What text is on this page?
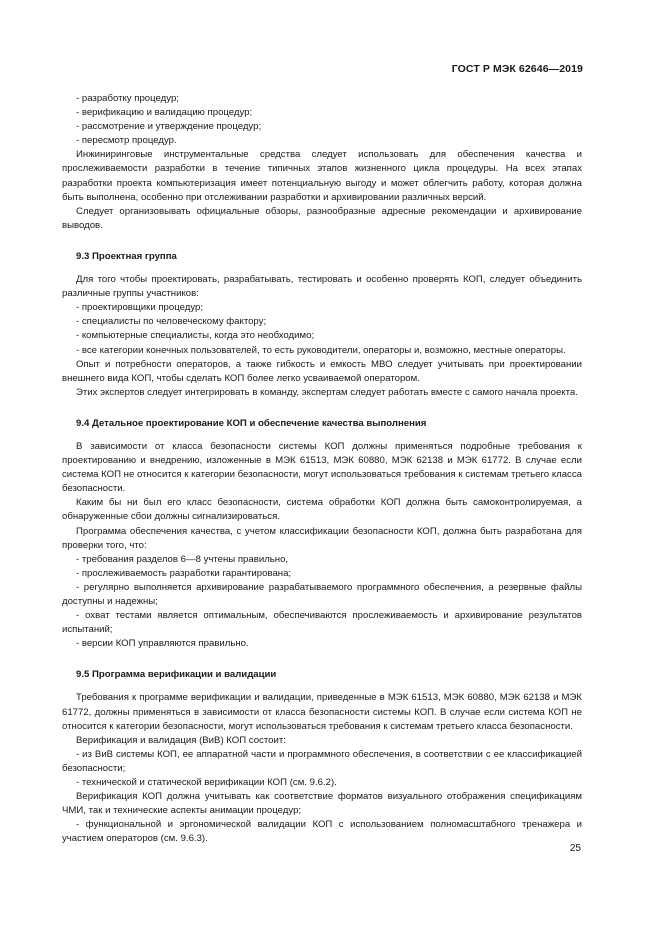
ГОСТ Р МЭК 62646—2019

- разработку процедур;

- верификацию и валидацию процедур;

- рассмотрение и утверждение процедур;

- пересмотр процедур.

Инжиниринговые инструментальные средства следует использовать для обеспечения качества и прослеживаемости разработки в течение типичных этапов жизненного цикла процедуры. На всех этапах разработки проекта компьютеризация имеет потенциальную выгоду и может облегчить работу, которая должна быть выполнена, особенно при отслеживании разработки и архивировании различных версий.

Следует организовывать официальные обзоры, разнообразные адресные рекомендации и архивирование выводов.

9.3 Проектная группа

Для того чтобы проектировать, разрабатывать, тестировать и особенно проверять КОП, следует объединить различные группы участников:

- проектировщики процедур;

- специалисты по человеческому фактору;

- компьютерные специалисты, когда это необходимо;

- все категории конечных пользователей, то есть руководители, операторы и, возможно, местные операторы.

Опыт и потребности операторов, а также гибкость и емкость МВО следует учитывать при проектировании внешнего вида КОП, чтобы сделать КОП более легко усваиваемой оператором.

Этих экспертов следует интегрировать в команду, экспертам следует работать вместе с самого начала проекта.

9.4 Детальное проектирование КОП и обеспечение качества выполнения

В зависимости от класса безопасности системы КОП должны применяться подробные требования к проектированию и внедрению, изложенные в МЭК 61513, МЭК 60880, МЭК 62138 и МЭК 61772. В случае если система КОП не относится к категории безопасности, могут использоваться требования к системам третьего класса безопасности.

Каким бы ни был его класс безопасности, система обработки КОП должна быть самоконтролируемая, а обнаруженные сбои должны сигнализироваться.

Программа обеспечения качества, с учетом классификации безопасности КОП, должна быть разработана для проверки того, что:

- требования разделов 6—8 учтены правильно,

- прослеживаемость разработки гарантирована;

- регулярно выполняется архивирование разрабатываемого программного обеспечения, а резервные файлы доступны и надежны;

- охват тестами является оптимальным, обеспечиваются прослеживаемость и архивирование результатов испытаний;

- версии КОП управляются правильно.

9.5 Программа верификации и валидации

Требования к программе верификации и валидации, приведенные в МЭК 61513, МЭК 60880, МЭК 62138 и МЭК 61772, должны применяться в зависимости от класса безопасности системы КОП. В случае если система КОП не относится к категории безопасности, могут использоваться требования к системам третьего класса безопасности.

Верификация и валидация (ВиВ) КОП состоит:

- из ВиВ системы КОП, ее аппаратной части и программного обеспечения, в соответствии с ее классификацией безопасности;

- технической и статической верификации КОП (см. 9.6.2).

Верификация КОП должна учитывать как соответствие форматов визуального отображения спецификациям ЧМИ, так и технические аспекты анимации процедур;

- функциональной и эргономической валидации КОП с использованием полномасштабного тренажера и участием операторов (см. 9.6.3).

25
